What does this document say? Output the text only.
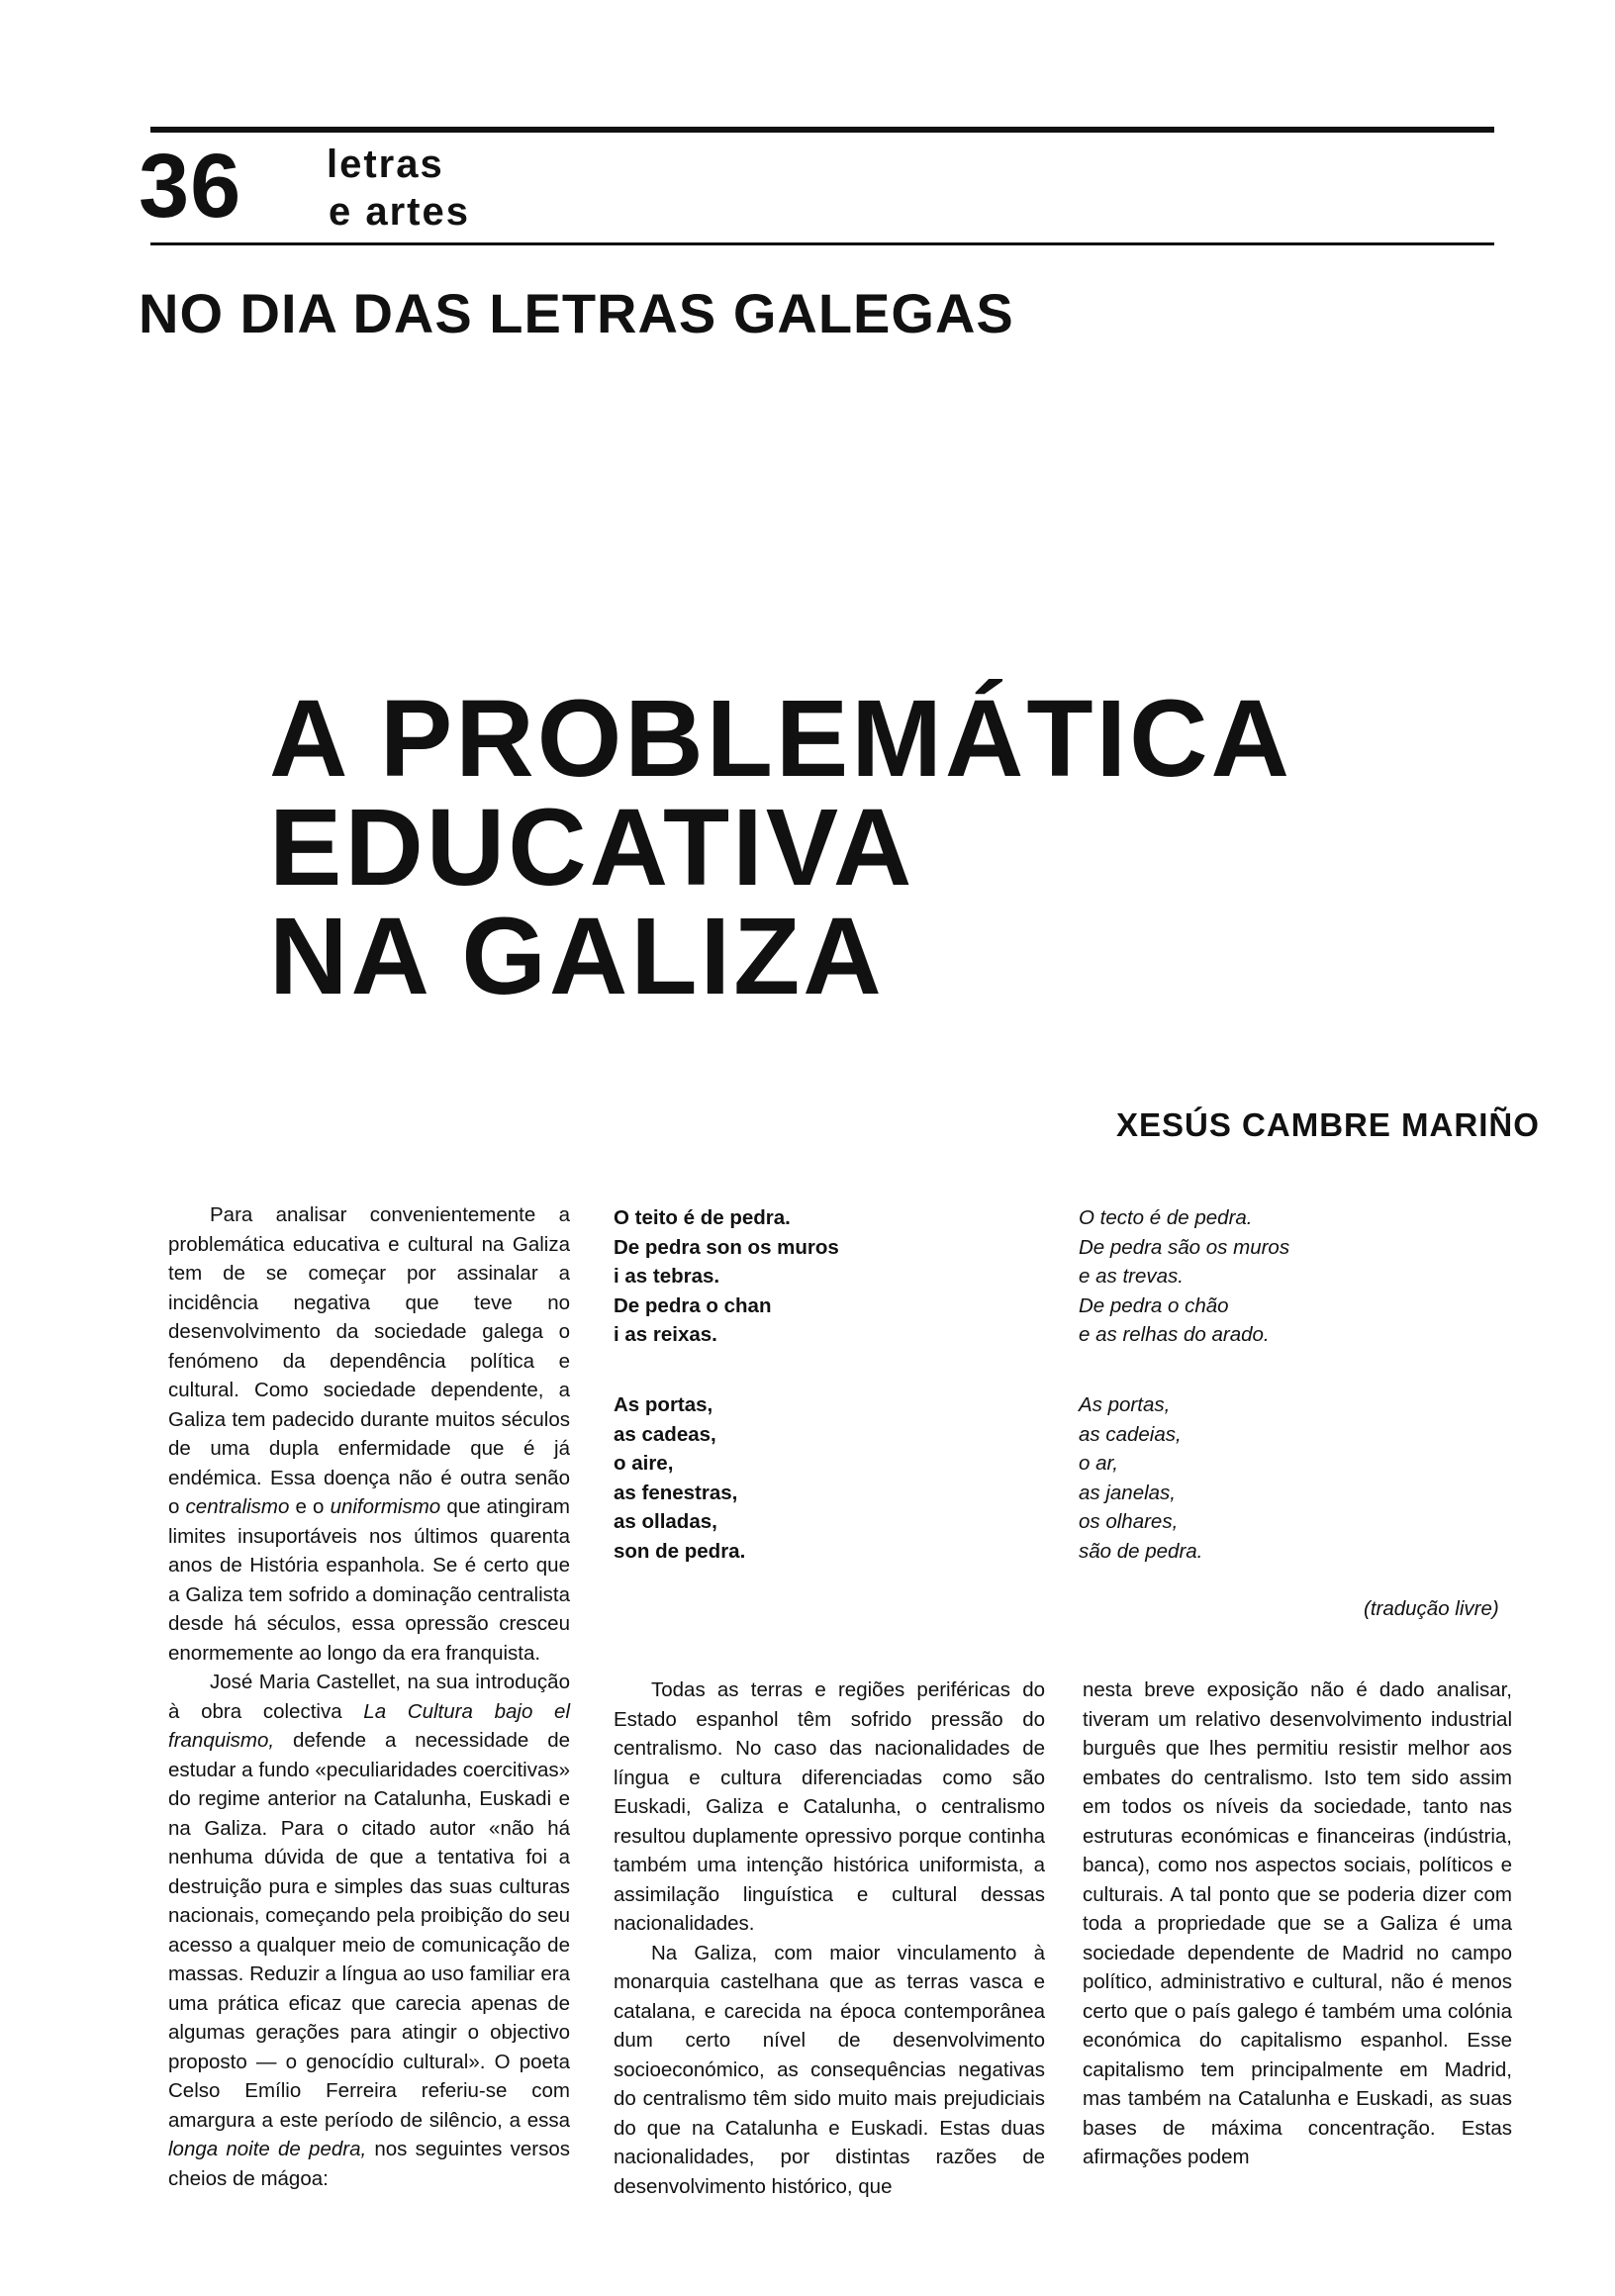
36 letras
e artes
NO DIA DAS LETRAS GALEGAS
A PROBLEMÁTICA
EDUCATIVA
NA GALIZA
XESÚS CAMBRE MARIÑO

Para analisar convenientemente a problemática educativa e cultural na Galiza tem de se começar por assinalar a incidência negativa que teve no desenvolvimento da sociedade galega o fenómeno da dependência política e cultural. Como sociedade dependente, a Galiza tem padecido durante muitos séculos de uma dupla enfermidade que é já endémica. Essa doença não é outra senão o centralismo e o uniformismo que atingiram limites insuportáveis nos últimos quarenta anos de História espanhola. Se é certo que a Galiza tem sofrido a dominação centralista desde há séculos, essa opressão cresceu enormemente ao longo da era franquista.

José Maria Castellet, na sua introdução à obra colectiva La Cultura bajo el franquismo, defende a necessidade de estudar a fundo «peculiaridades coercitivas» do regime anterior na Catalunha, Euskadi e na Galiza. Para o citado autor «não há nenhuma dúvida de que a tentativa foi a destruição pura e simples das suas culturas nacionais, começando pela proibição do seu acesso a qualquer meio de comunicação de massas. Reduzir a língua ao uso familiar era uma prática eficaz que carecia apenas de algumas gerações para atingir o objectivo proposto — o genocídio cultural». O poeta Celso Emílio Ferreira referiu-se com amargura a este período de silêncio, a essa longa noite de pedra, nos seguintes versos cheios de mágoa:

O teito é de pedra.
De pedra son os muros
i as tebras.
De pedra o chan
i as reixas.
As portas,
as cadeas,
o aire,
as fenestras,
as olladas,
son de pedra.
O tecto é de pedra.
De pedra são os muros
e as trevas.
De pedra o chão
e as relhas do arado.
As portas,
as cadeias,
o ar,
as janelas,
os olhares,
são de pedra.
(tradução livre)

Todas as terras e regiões periféricas do Estado espanhol têm sofrido pressão do centralismo. No caso das nacionalidades de língua e cultura diferenciadas como são Euskadi, Galiza e Catalunha, o centralismo resultou duplamente opressivo porque continha também uma intenção histórica uniformista, a assimilação linguística e cultural dessas nacionalidades.

Na Galiza, com maior vinculamento à monarquia castelhana que as terras vasca e catalana, e carecida na época contemporânea dum certo nível de desenvolvimento socioeconómico, as consequências negativas do centralismo têm sido muito mais prejudiciais do que na Catalunha e Euskadi. Estas duas nacionalidades, por distintas razões de desenvolvimento histórico, que

nesta breve exposição não é dado analisar, tiveram um relativo desenvolvimento industrial burguês que lhes permitiu resistir melhor aos embates do centralismo. Isto tem sido assim em todos os níveis da sociedade, tanto nas estruturas económicas e financeiras (indústria, banca), como nos aspectos sociais, políticos e culturais. A tal ponto que se poderia dizer com toda a propriedade que se a Galiza é uma sociedade dependente de Madrid no campo político, administrativo e cultural, não é menos certo que o país galego é também uma colónia económica do capitalismo espanhol. Esse capitalismo tem principalmente em Madrid, mas também na Catalunha e Euskadi, as suas bases de máxima concentração. Estas afirmações podem
